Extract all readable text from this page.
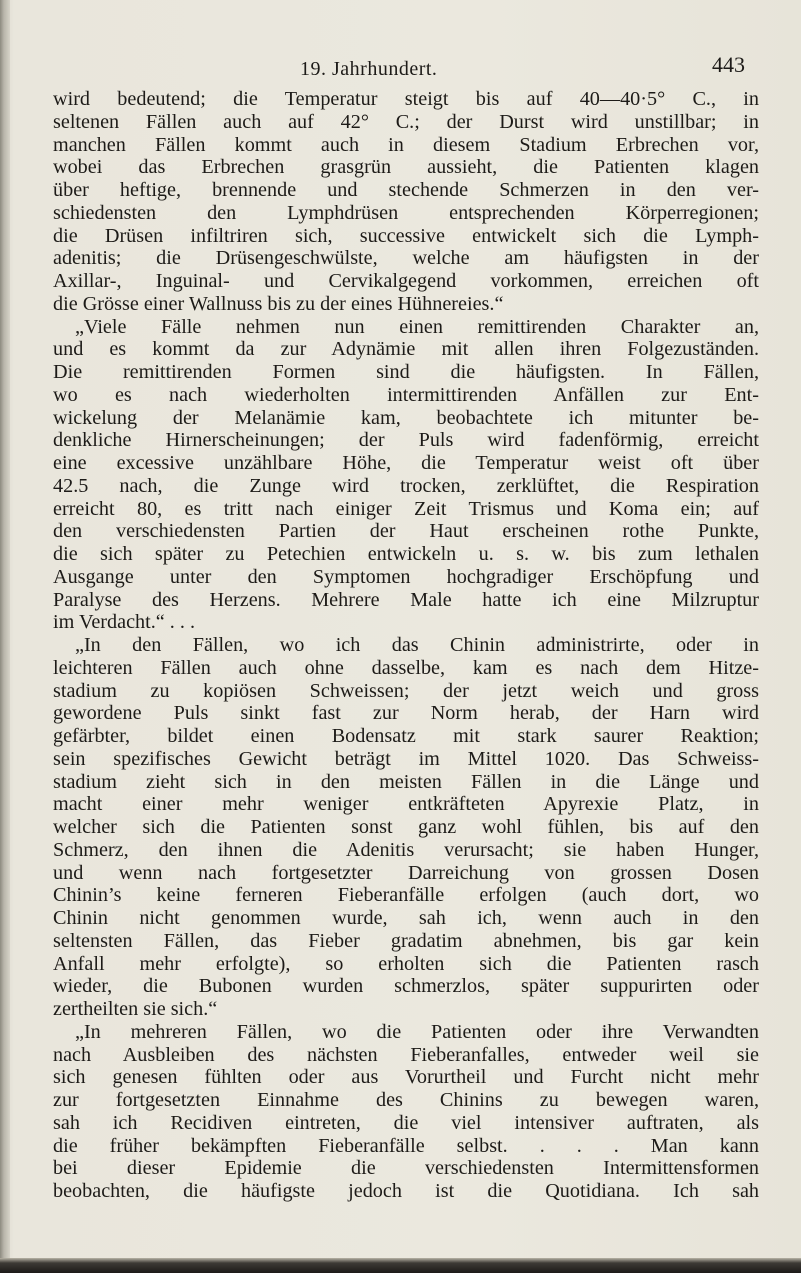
19. Jahrhundert.	443
wird bedeutend; die Temperatur steigt bis auf 40—40·5° C., in
seltenen Fällen auch auf 42° C.; der Durst wird unstillbar; in
manchen Fällen kommt auch in diesem Stadium Erbrechen vor,
wobei das Erbrechen grasgrün aussieht, die Patienten klagen
über heftige, brennende und stechende Schmerzen in den ver-
schiedensten den Lymphdrüsen entsprechenden Körperregionen;
die Drüsen infiltriren sich, successive entwickelt sich die Lymph-
adenitis; die Drüsengeschwülste, welche am häufigsten in der
Axillar-, Inguinal- und Cervikalgegend vorkommen, erreichen oft
die Grösse einer Wallnuss bis zu der eines Hühnereies.“
„Viele Fälle nehmen nun einen remittirenden Charakter an,
und es kommt da zur Adynämie mit allen ihren Folgezuständen.
Die remittirenden Formen sind die häufigsten. In Fällen,
wo es nach wiederholten intermittirenden Anfällen zur Ent-
wickelung der Melanämie kam, beobachtete ich mitunter be-
denkliche Hirnerscheinungen; der Puls wird fadenförmig, erreicht
eine excessive unzählbare Höhe, die Temperatur weist oft über
42.5 nach, die Zunge wird trocken, zerklüftet, die Respiration
erreicht 80, es tritt nach einiger Zeit Trismus und Koma ein; auf
den verschiedensten Partien der Haut erscheinen rothe Punkte,
die sich später zu Petechien entwickeln u. s. w. bis zum lethalen
Ausgange unter den Symptomen hochgradiger Erschöpfung und
Paralyse des Herzens. Mehrere Male hatte ich eine Milzruptur
im Verdacht.“ . . .
„In den Fällen, wo ich das Chinin administrirte, oder in
leichteren Fällen auch ohne dasselbe, kam es nach dem Hitze-
stadium zu kopiösen Schweissen; der jetzt weich und gross
gewordene Puls sinkt fast zur Norm herab, der Harn wird
gefärbter, bildet einen Bodensatz mit stark saurer Reaktion;
sein spezifisches Gewicht beträgt im Mittel 1020. Das Schweiss-
stadium zieht sich in den meisten Fällen in die Länge und
macht einer mehr weniger entkräfteten Apyrexie Platz, in
welcher sich die Patienten sonst ganz wohl fühlen, bis auf den
Schmerz, den ihnen die Adenitis verursacht; sie haben Hunger,
und wenn nach fortgesetzter Darreichung von grossen Dosen
Chinin’s keine ferneren Fieberanfälle erfolgen (auch dort, wo
Chinin nicht genommen wurde, sah ich, wenn auch in den
seltensten Fällen, das Fieber gradatim abnehmen, bis gar kein
Anfall mehr erfolgte), so erholten sich die Patienten rasch
wieder, die Bubonen wurden schmerzlos, später suppurirten oder
zertheilten sie sich.“
„In mehreren Fällen, wo die Patienten oder ihre Verwandten
nach Ausbleiben des nächsten Fieberanfalles, entweder weil sie
sich genesen fühlten oder aus Vorurtheil und Furcht nicht mehr
zur fortgesetzten Einnahme des Chinins zu bewegen waren,
sah ich Recidiven eintreten, die viel intensiver auftraten, als
die früher bekämpften Fieberanfälle selbst. . . . Man kann
bei dieser Epidemie die verschiedensten Intermittensformen
beobachten, die häufigste jedoch ist die Quotidiana. Ich sah
